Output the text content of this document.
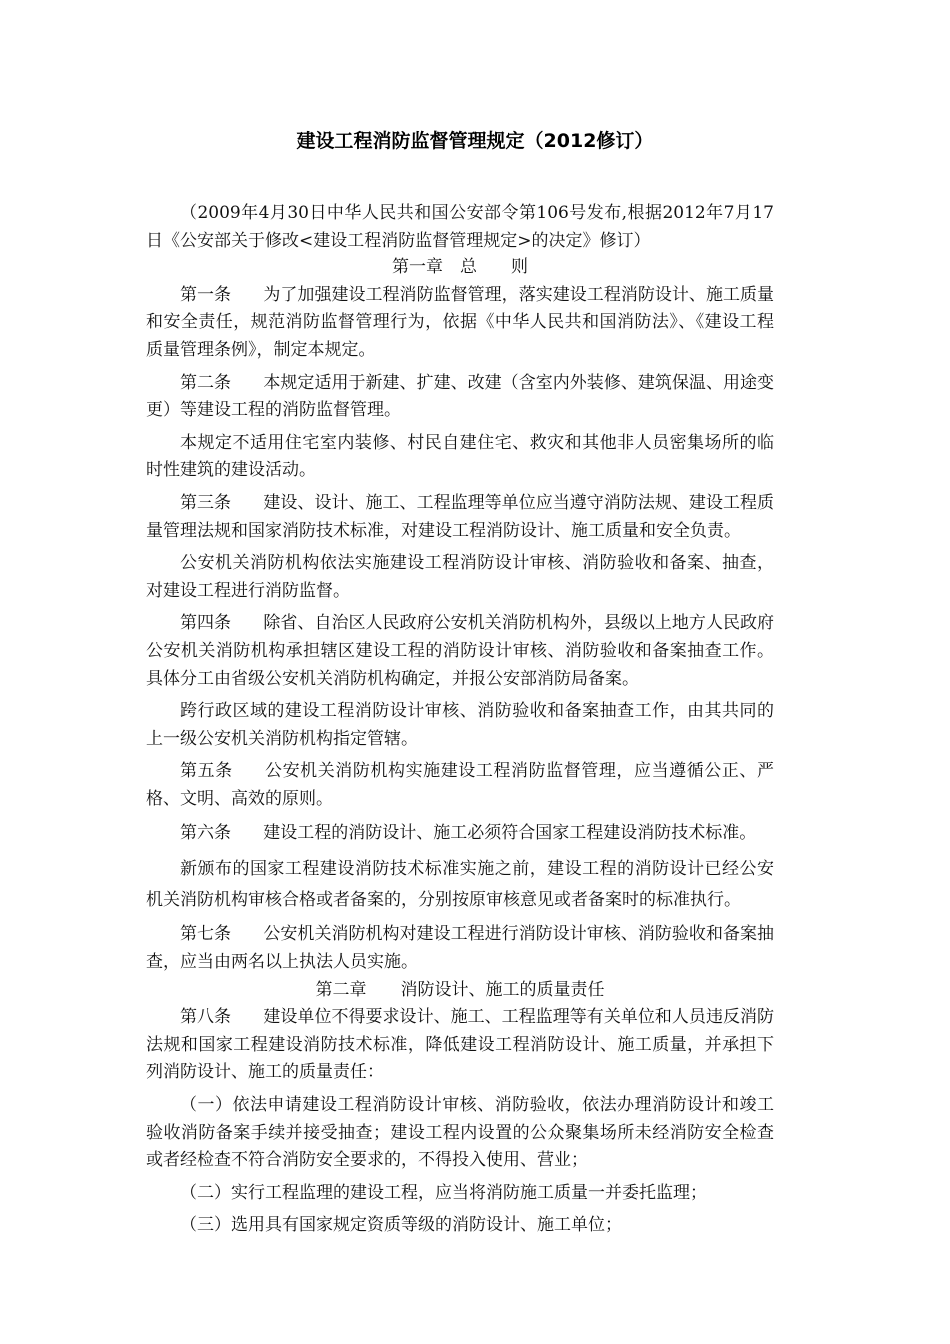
建设工程消防监督管理规定（2012修订）

（2009年4月30日中华人民共和国公安部令第106号发布,根据2012年7月17日《公安部关于修改<建设工程消防监督管理规定>的决定》修订）

第一章　总　　则

第一条 为了加强建设工程消防监督管理，落实建设工程消防设计、施工质量和安全责任，规范消防监督管理行为，依据《中华人民共和国消防法》、《建设工程质量管理条例》，制定本规定。

第二条 本规定适用于新建、扩建、改建（含室内外装修、建筑保温、用途变更）等建设工程的消防监督管理。

本规定不适用住宅室内装修、村民自建住宅、救灾和其他非人员密集场所的临时性建筑的建设活动。

第三条 建设、设计、施工、工程监理等单位应当遵守消防法规、建设工程质量管理法规和国家消防技术标准，对建设工程消防设计、施工质量和安全负责。

公安机关消防机构依法实施建设工程消防设计审核、消防验收和备案、抽查，对建设工程进行消防监督。

第四条 除省、自治区人民政府公安机关消防机构外，县级以上地方人民政府公安机关消防机构承担辖区建设工程的消防设计审核、消防验收和备案抽查工作。具体分工由省级公安机关消防机构确定，并报公安部消防局备案。

跨行政区域的建设工程消防设计审核、消防验收和备案抽查工作，由其共同的上一级公安机关消防机构指定管辖。

第五条 公安机关消防机构实施建设工程消防监督管理，应当遵循公正、严格、文明、高效的原则。

第六条 建设工程的消防设计、施工必须符合国家工程建设消防技术标准。

新颁布的国家工程建设消防技术标准实施之前，建设工程的消防设计已经公安机关消防机构审核合格或者备案的，分别按原审核意见或者备案时的标准执行。

第七条 公安机关消防机构对建设工程进行消防设计审核、消防验收和备案抽查，应当由两名以上执法人员实施。

第二章　　消防设计、施工的质量责任

第八条 建设单位不得要求设计、施工、工程监理等有关单位和人员违反消防法规和国家工程建设消防技术标准，降低建设工程消防设计、施工质量，并承担下列消防设计、施工的质量责任：

（一）依法申请建设工程消防设计审核、消防验收，依法办理消防设计和竣工验收消防备案手续并接受抽查；建设工程内设置的公众聚集场所未经消防安全检查或者经检查不符合消防安全要求的，不得投入使用、营业；

（二）实行工程监理的建设工程，应当将消防施工质量一并委托监理；

（三）选用具有国家规定资质等级的消防设计、施工单位；
